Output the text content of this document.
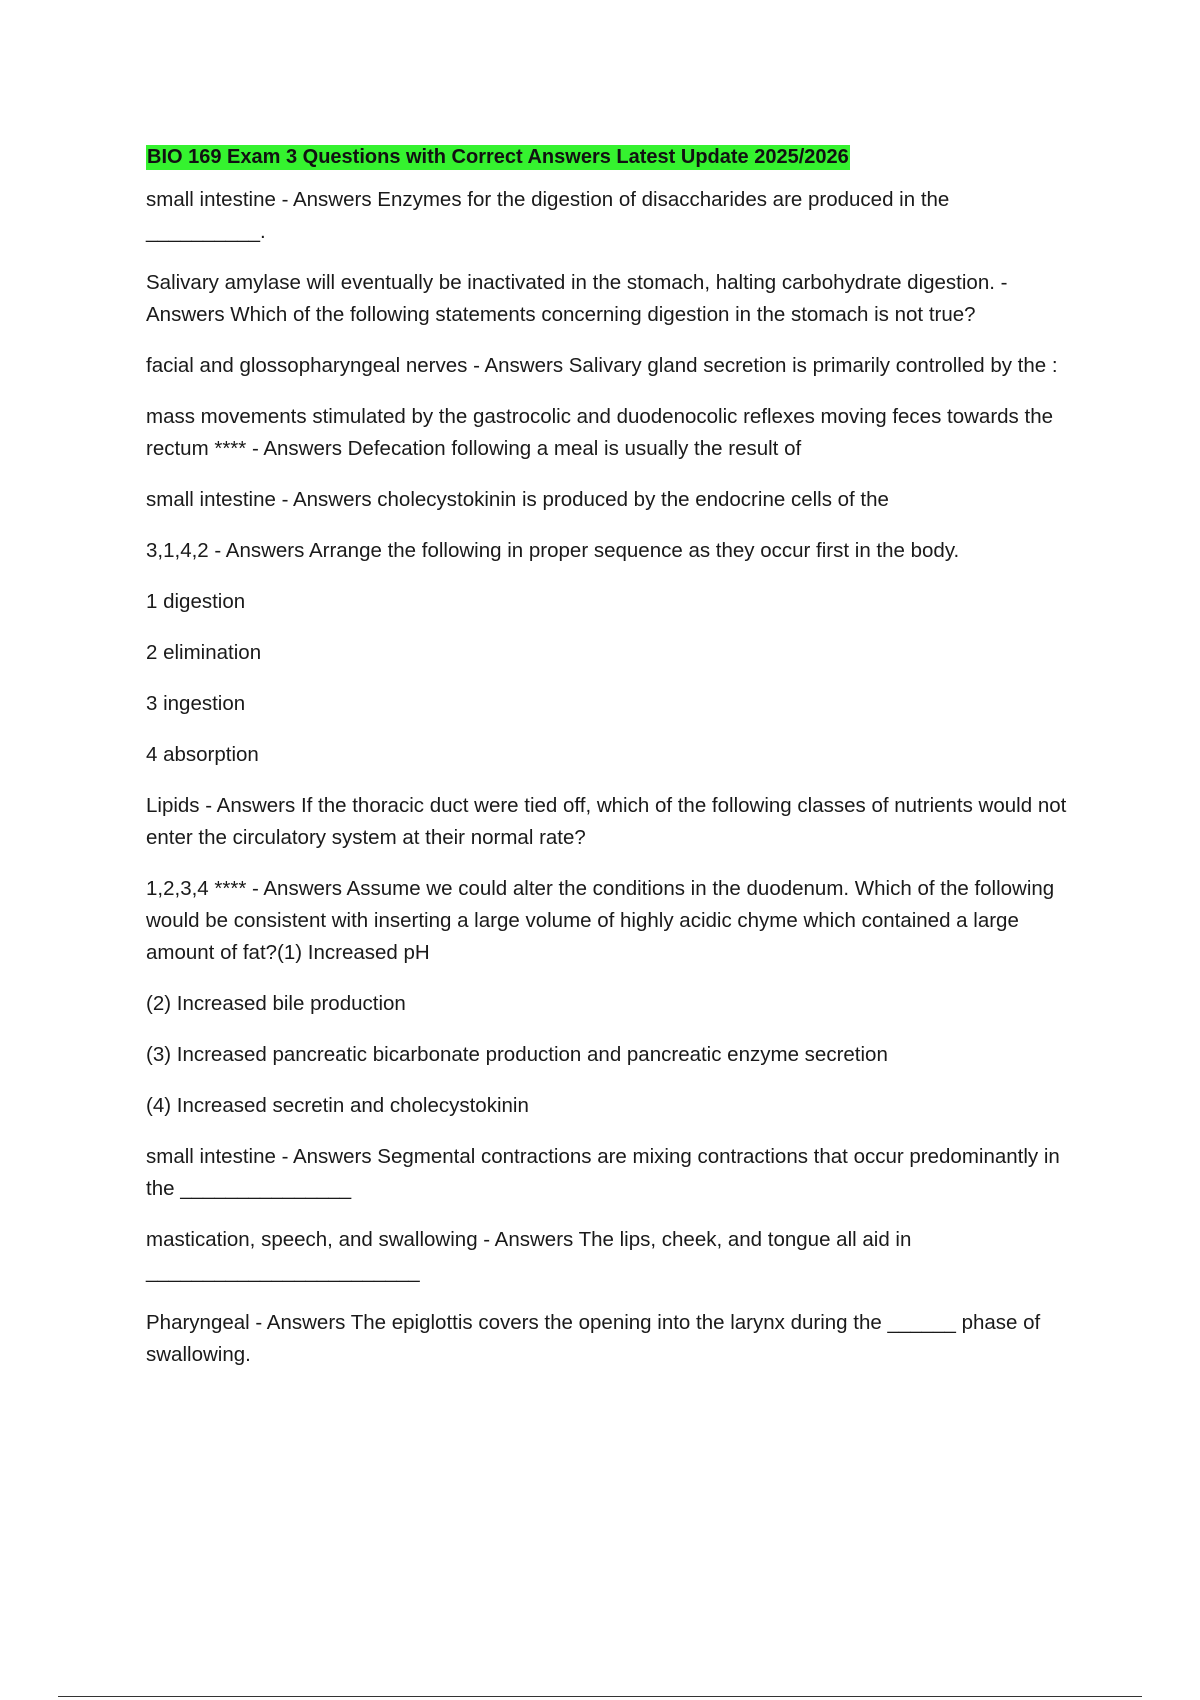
BIO 169 Exam 3 Questions with Correct Answers Latest Update 2025/2026

small intestine - Answers Enzymes for the digestion of disaccharides are produced in the
__________.

Salivary amylase will eventually be inactivated in the stomach, halting carbohydrate digestion. - Answers Which of the following statements concerning digestion in the stomach is not true?

facial and glossopharyngeal nerves - Answers Salivary gland secretion is primarily controlled by the :

mass movements stimulated by the gastrocolic and duodenocolic reflexes moving feces towards the rectum **** - Answers Defecation following a meal is usually the result of

small intestine - Answers cholecystokinin is produced by the endocrine cells of the

3,1,4,2 - Answers Arrange the following in proper sequence as they occur first in the body.

1 digestion

2 elimination

3 ingestion

4 absorption

Lipids - Answers If the thoracic duct were tied off, which of the following classes of nutrients would not enter the circulatory system at their normal rate?

1,2,3,4 **** - Answers Assume we could alter the conditions in the duodenum. Which of the following would be consistent with inserting a large volume of highly acidic chyme which contained a large amount of fat?(1) Increased pH

(2) Increased bile production

(3) Increased pancreatic bicarbonate production and pancreatic enzyme secretion

(4) Increased secretin and cholecystokinin

small intestine - Answers Segmental contractions are mixing contractions that occur predominantly in the _______________

mastication, speech, and swallowing - Answers The lips, cheek, and tongue all aid in
________________________

Pharyngeal - Answers The epiglottis covers the opening into the larynx during the ______ phase of swallowing.
